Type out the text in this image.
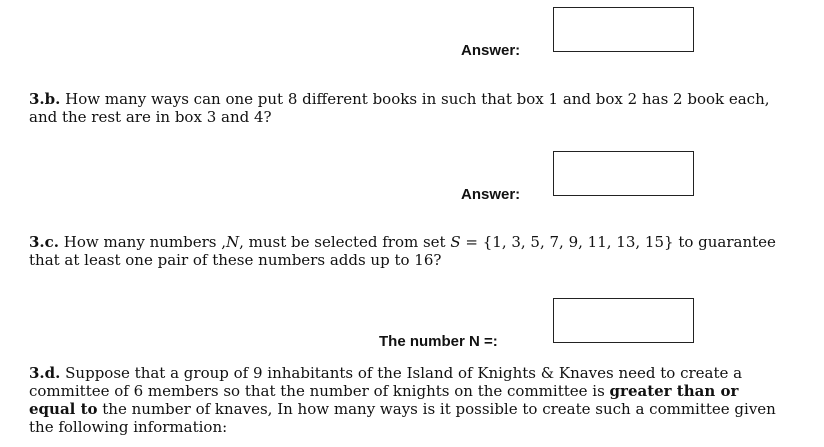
Answer:
3.b. How many ways can one put 8 different books in such that box 1 and box 2 has 2 book each, and the rest are in box 3 and 4?
Answer:
3.c. How many numbers ,N, must be selected from set S = {1, 3, 5, 7, 9, 11, 13, 15} to guarantee that at least one pair of these numbers adds up to 16?
The number N =:
3.d. Suppose that a group of 9 inhabitants of the Island of Knights & Knaves need to create a committee of 6 members so that the number of knights on the committee is greater than or equal to the number of knaves, In how many ways is it possible to create such a committee given the following information:
